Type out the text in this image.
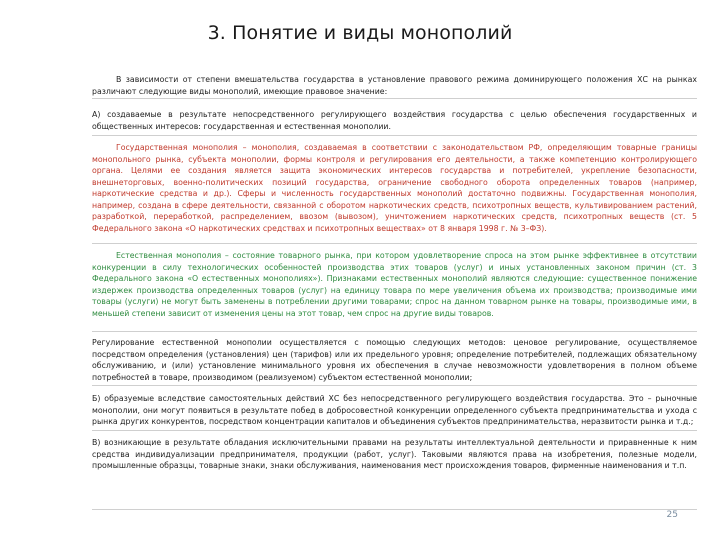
3. Понятие и виды монополий

В зависимости от степени вмешательства государства в установление правового режима доминирующего положения ХС на рынках различают следующие виды монополий, имеющие правовое значение:

А) создаваемые в результате непосредственного регулирующего воздействия государства с целью обеспечения государственных и общественных интересов: государственная и естественная монополии.

Государственная монополия – монополия, создаваемая в соответствии с законодательством РФ, определяющим товарные границы монопольного рынка, субъекта монополии, формы контроля и регулирования его деятельности, а также компетенцию контролирующего органа. Целями ее создания является защита экономических интересов государства и потребителей, укрепление безопасности, внешнеторговых, военно-политических позиций государства, ограничение свободного оборота определенных товаров (например, наркотические средства и др.). Сферы и численность государственных монополий достаточно подвижны. Государственная монополия, например, создана в сфере деятельности, связанной с оборотом наркотических средств, психотропных веществ, культивированием растений, разработкой, переработкой, распределением, ввозом (вывозом), уничтожением наркотических средств, психотропных веществ (ст. 5 Федерального закона «О наркотических средствах и психотропных веществах» от 8 января 1998 г. № 3–ФЗ).

Естественная монополия – состояние товарного рынка, при котором удовлетворение спроса на этом рынке эффективнее в отсутствии конкуренции в силу технологических особенностей производства этих товаров (услуг) и иных установленных законом причин (ст. 3 Федерального закона «О естественных монополиях»). Признаками естественных монополий являются следующие: существенное понижение издержек производства определенных товаров (услуг) на единицу товара по мере увеличения объема их производства; производимые ими товары (услуги) не могут быть заменены в потреблении другими товарами; спрос на данном товарном рынке на товары, производимые ими, в меньшей степени зависит от изменения цены на этот товар, чем спрос на другие виды товаров.

Регулирование естественной монополии осуществляется с помощью следующих методов: ценовое регулирование, осуществляемое посредством определения (установления) цен (тарифов) или их предельного уровня; определение потребителей, подлежащих обязательному обслуживанию, и (или) установление минимального уровня их обеспечения в случае невозможности удовлетворения в полном объеме потребностей в товаре, производимом (реализуемом) субъектом естественной монополии;

Б) образуемые вследствие самостоятельных действий ХС без непосредственного регулирующего воздействия государства. Это – рыночные монополии, они могут появиться в результате побед в добросовестной конкуренции определенного субъекта предпринимательства и ухода с рынка других конкурентов, посредством концентрации капиталов и объединения субъектов предпринимательства, неразвитости рынка и т.д.;

В) возникающие в результате обладания исключительными правами на результаты интеллектуальной деятельности и приравненные к ним средства индивидуализации предпринимателя, продукции (работ, услуг). Таковыми являются права на изобретения, полезные модели, промышленные образцы, товарные знаки, знаки обслуживания, наименования мест происхождения товаров, фирменные наименования и т.п.

25
